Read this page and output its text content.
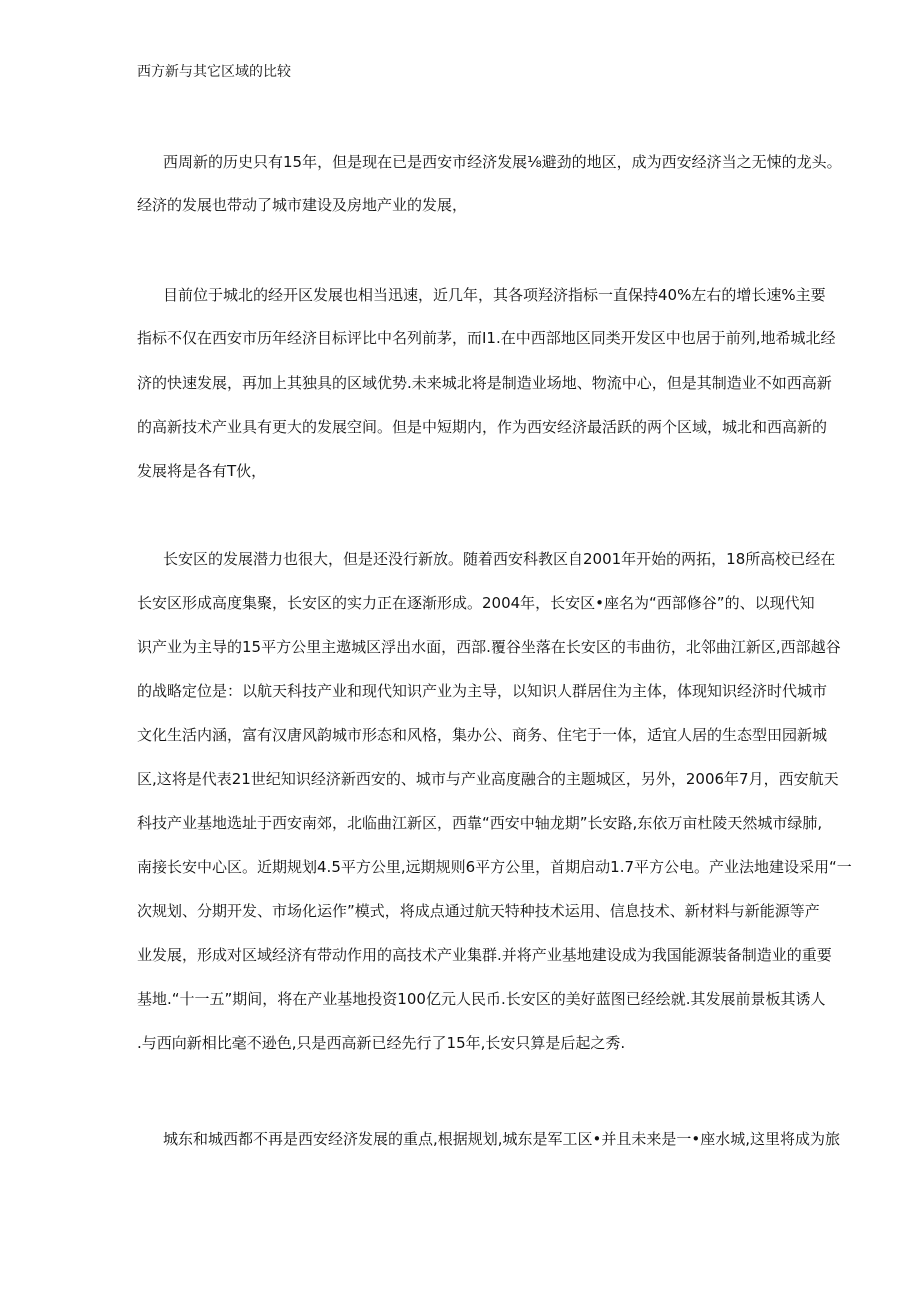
西方新与其它区域的比较
西周新的历史只有15年，但是现在已是西安市经济发展⅛避劲的地区，成为西安经济当之无悚的龙头。
经济的发展也带动了城市建设及房地产业的发展，
目前位于城北的经开区发展也相当迅速，近几年，其各项羟济指标一直保持40%左右的增长速%主要
指标不仅在西安市历年经济目标评比中名列前茅，而I1.在中西部地区同类开发区中也居于前列,地希城北经
济的快速发展，再加上其独具的区域优势.未来城北将是制造业场地、物流中心，但是其制造业不如西高新
的高新技术产业具有更大的发展空间。但是中短期内，作为西安经济最活跃的两个区域，城北和西高新的
发展将是各有T伙，
长安区的发展潜力也很大，但是还没行新放。随着西安科教区自2001年开始的两拓，18所高校已经在
长安区形成高度集聚，长安区的实力正在逐渐形成。2004年，长安区•座名为“西部修谷”的、以现代知
识产业为主导的15平方公里主遨城区浮出水面，西部.覆谷坐落在长安区的韦曲彷，北邻曲江新区,西部越谷
的战略定位是：以航天科技产业和现代知识产业为主导，以知识人群居住为主体，体现知识经济时代城市
文化生活内涵，富有汉唐风韵城市形态和风格，集办公、商务、住宅于一体，适宜人居的生态型田园新城
区,这将是代表21世纪知识经济新西安的、城市与产业高度融合的主题城区，另外，2006年7月，西安航天
科技产业基地选址于西安南郊，北临曲江新区，西靠“西安中轴龙期”长安路,东依万亩杜陵天然城市绿肺,
南接长安中心区。近期规划4.5平方公里,远期规则6平方公里，首期启动1.7平方公电。产业法地建设采用“一
次规划、分期开发、市场化运作”模式，将成点通过航天特种技术运用、信息技术、新材料与新能源等产
业发展，形成对区域经济有带动作用的高技术产业集群.并将产业基地建设成为我国能源装备制造业的重要
基地.“十一五”期间，将在产业基地投资100亿元人民币.长安区的美好蓝图已经绘就.其发展前景板其诱人
.与西向新相比毫不逊色,只是西高新已经先行了15年,长安只算是后起之秀.
城东和城西都不再是西安经济发展的重点,根据规划,城东是军工区•并且未来是一•座水城,这里将成为旅
